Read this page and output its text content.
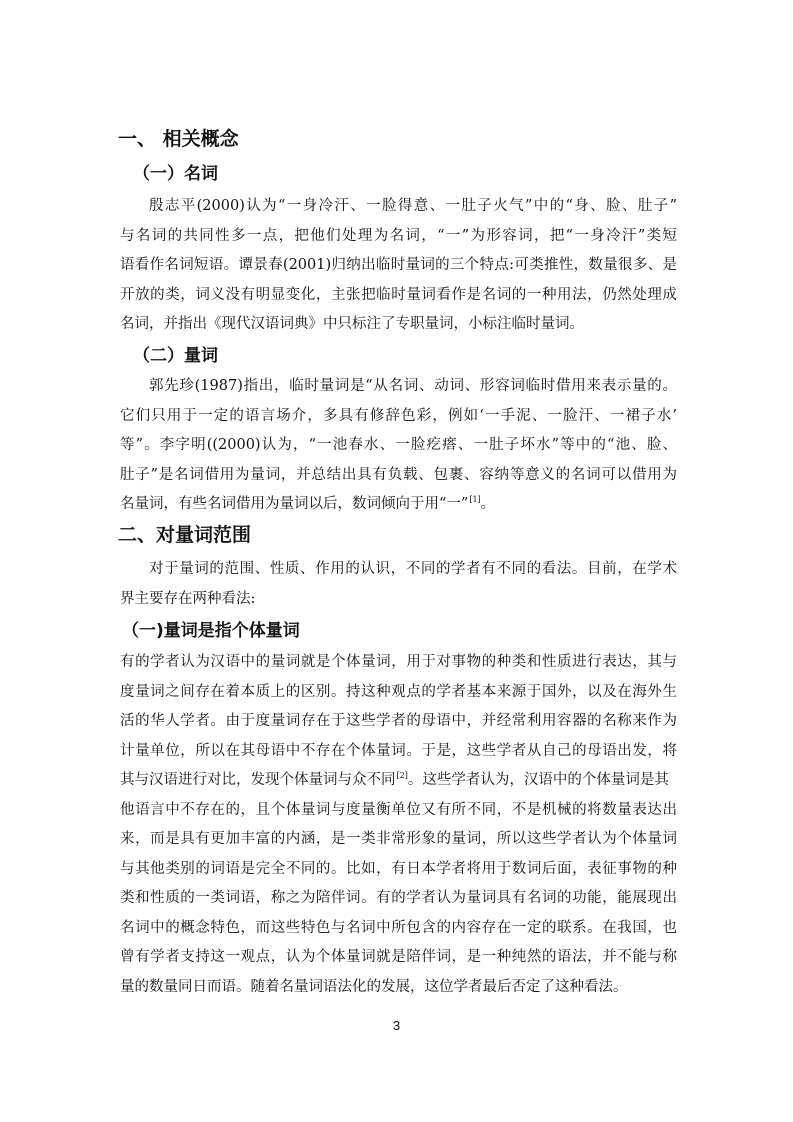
一、 相关概念
（一）名词
殷志平(2000)认为“一身冷汗、一脸得意、一肚子火气”中的“身、脸、肚子”
与名词的共同性多一点，把他们处理为名词，“一”为形容词，把“一身冷汗”类短
语看作名词短语。谭景春(2001)归纳出临时量词的三个特点:可类推性，数量很多、是
开放的类，词义没有明显变化，主张把临时量词看作是名词的一种用法，仍然处理成
名词，并指出《现代汉语词典》中只标注了专职量词，小标注临时量词。
（二）量词
郭先珍(1987)指出，临时量词是“从名词、动词、形容词临时借用来表示量的。
它们只用于一定的语言场介，多具有修辞色彩，例如‘一手泥、一脸汗、一裙子水’
等”。李字明((2000)认为，“一池春水、一脸疙瘩、一肚子坏水”等中的“池、脸、
肚子”是名词借用为量词，并总结出具有负载、包裹、容纳等意义的名词可以借用为
名量词，有些名词借用为量词以后，数词倾向于用“一”[1]。
二、对量词范围
对于量词的范围、性质、作用的认识，不同的学者有不同的看法。目前，在学术
界主要存在两种看法:
（一)量词是指个体量词
有的学者认为汉语中的量词就是个体量词，用于对事物的种类和性质进行表达，其与
度量词之间存在着本质上的区别。持这种观点的学者基本来源于国外，以及在海外生
活的华人学者。由于度量词存在于这些学者的母语中，并经常利用容器的名称来作为
计量单位，所以在其母语中不存在个体量词。于是，这些学者从自己的母语出发，将
其与汉语进行对比，发现个体量词与众不同[2]。这些学者认为，汉语中的个体量词是其
他语言中不存在的，且个体量词与度量衡单位又有所不同，不是机械的将数量表达出
来，而是具有更加丰富的内涵，是一类非常形象的量词，所以这些学者认为个体量词
与其他类别的词语是完全不同的。比如，有日本学者将用于数词后面，表征事物的种
类和性质的一类词语，称之为陪伴词。有的学者认为量词具有名词的功能，能展现出
名词中的概念特色，而这些特色与名词中所包含的内容存在一定的联系。在我国，也
曾有学者支持这一观点，认为个体量词就是陪伴词，是一种纯然的语法，并不能与称
量的数量同日而语。随着名量词语法化的发展，这位学者最后否定了这种看法。
3
